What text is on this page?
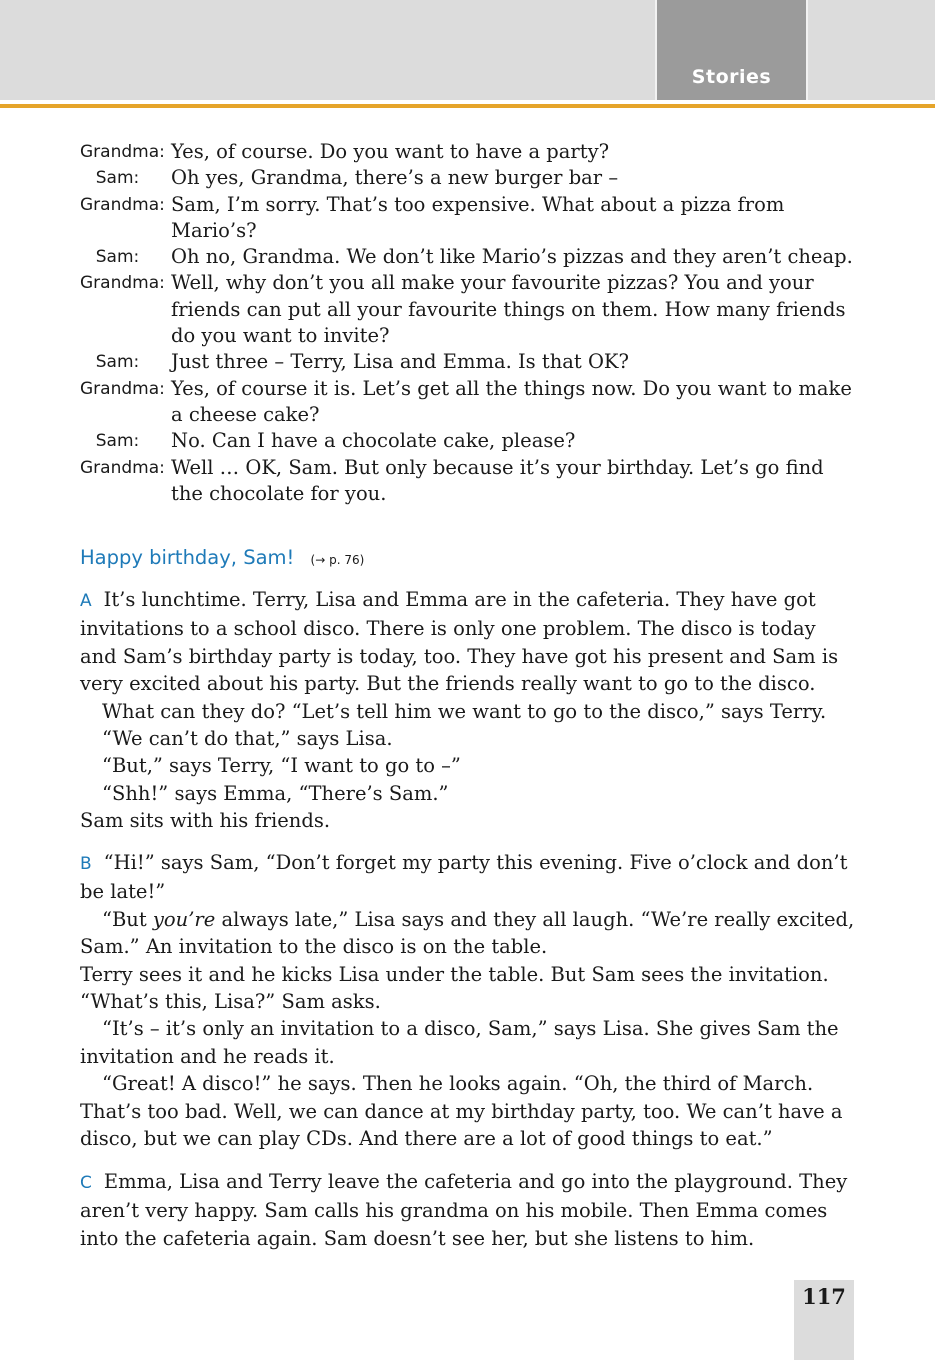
Stories
Grandma: Yes, of course. Do you want to have a party?
Sam:	Oh yes, Grandma, there’s a new burger bar –
Grandma: Sam, I’m sorry. That’s too expensive. What about a pizza from Mario’s?
Sam:	Oh no, Grandma. We don’t like Mario’s pizzas and they aren’t cheap.
Grandma: Well, why don’t you all make your favourite pizzas? You and your friends can put all your favourite things on them. How many friends do you want to invite?
Sam:	Just three – Terry, Lisa and Emma. Is that OK?
Grandma: Yes, of course it is. Let’s get all the things now. Do you want to make a cheese cake?
Sam:	No. Can I have a chocolate cake, please?
Grandma: Well … OK, Sam. But only because it’s your birthday. Let’s go find the chocolate for you.
Happy birthday, Sam! (→ p. 76)

A It’s lunchtime. Terry, Lisa and Emma are in the cafeteria. They have got invitations to a school disco. There is only one problem. The disco is today and Sam’s birthday party is today, too. They have got his present and Sam is very excited about his party. But the friends really want to go to the disco.

What can they do? “Let’s tell him we want to go to the disco,” says Terry.

“We can’t do that,” says Lisa.

“But,” says Terry, “I want to go to –”

“Shh!” says Emma, “There’s Sam.”

Sam sits with his friends.

B “Hi!” says Sam, “Don’t forget my party this evening. Five o’clock and don’t be late!”

“But you’re always late,” Lisa says and they all laugh. “We’re really excited, Sam.” An invitation to the disco is on the table.

Terry sees it and he kicks Lisa under the table. But Sam sees the invitation. “What’s this, Lisa?” Sam asks.

“It’s – it’s only an invitation to a disco, Sam,” says Lisa. She gives Sam the invitation and he reads it.

“Great! A disco!” he says. Then he looks again. “Oh, the third of March. That’s too bad. Well, we can dance at my birthday party, too. We can’t have a disco, but we can play CDs. And there are a lot of good things to eat.”

C Emma, Lisa and Terry leave the cafeteria and go into the playground. They aren’t very happy. Sam calls his grandma on his mobile. Then Emma comes into the cafeteria again. Sam doesn’t see her, but she listens to him.

117
